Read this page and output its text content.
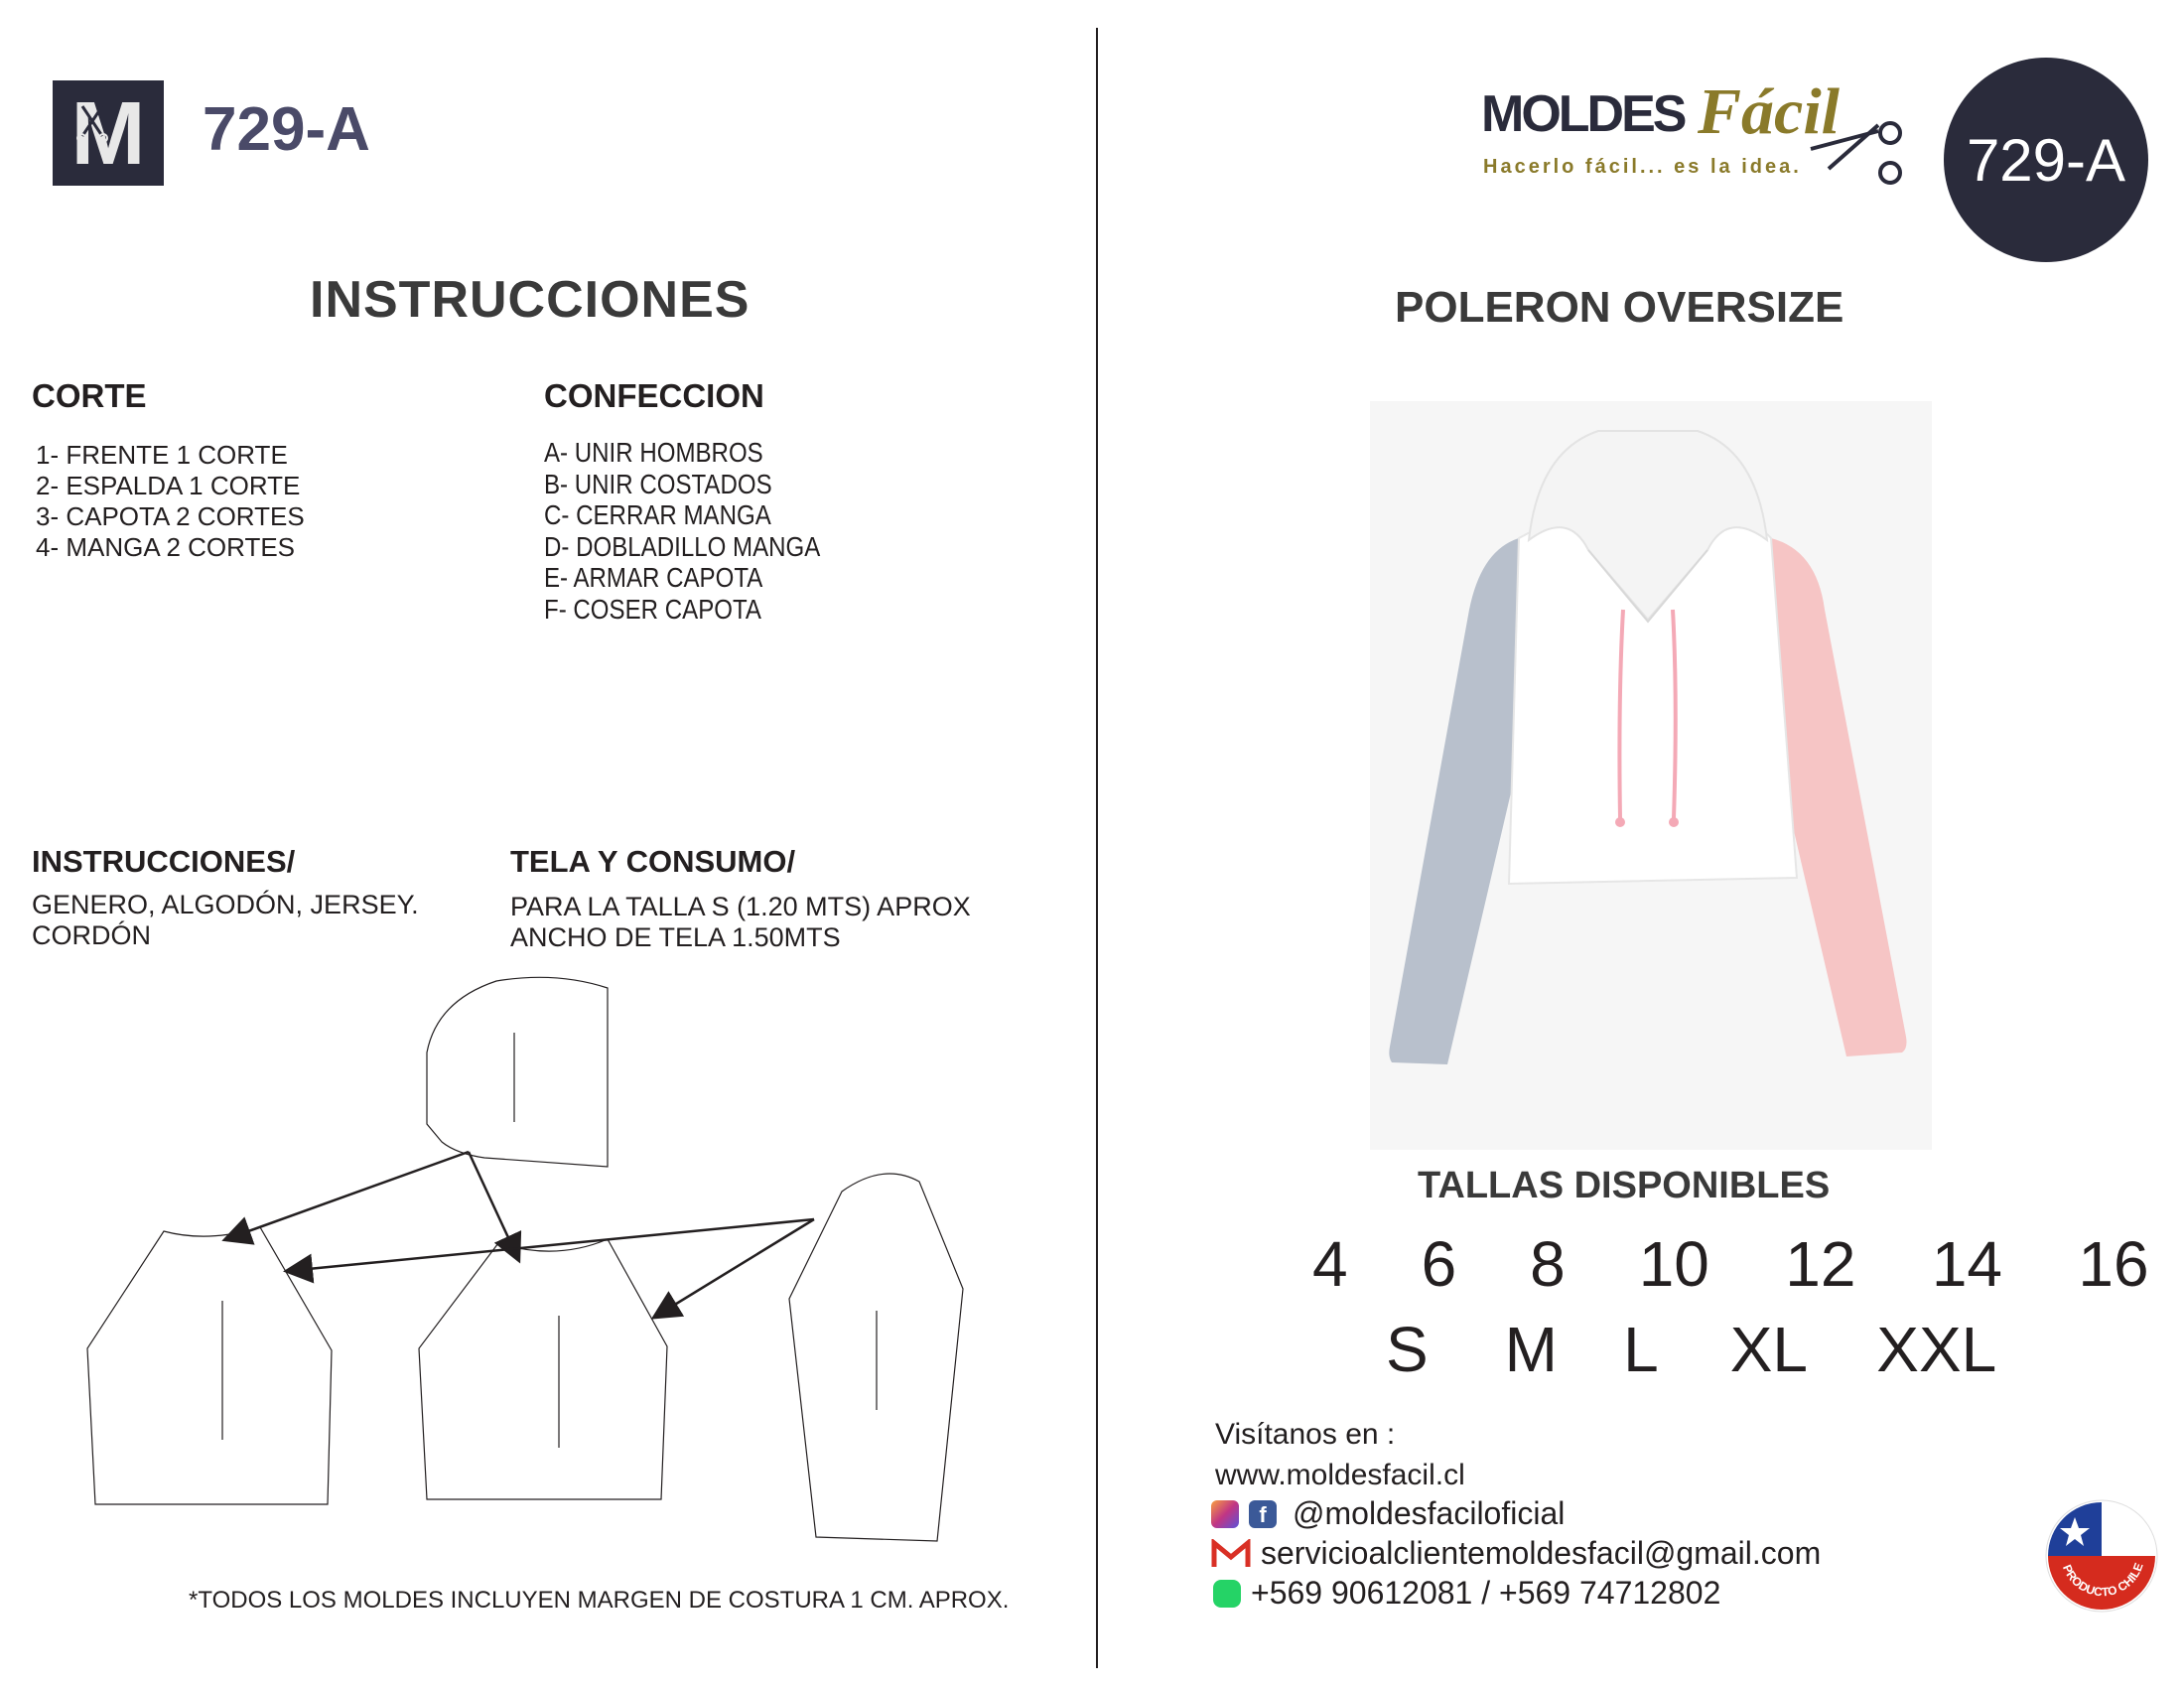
M 729-A
INSTRUCCIONES
CORTE
1- FRENTE 1 CORTE
2- ESPALDA 1 CORTE
3- CAPOTA 2 CORTES
4- MANGA 2 CORTES
CONFECCION
A- UNIR HOMBROS
B- UNIR COSTADOS
C- CERRAR MANGA
D- DOBLADILLO MANGA
E- ARMAR CAPOTA
F- COSER CAPOTA
INSTRUCCIONES/
GENERO, ALGODÓN, JERSEY.
CORDÓN
TELA Y CONSUMO/
PARA LA TALLA S (1.20 MTS) APROX
ANCHO DE TELA 1.50MTS
*TODOS LOS MOLDES INCLUYEN MARGEN DE COSTURA 1 CM. APROX.
MOLDES Fácil
Hacerlo fácil... es la idea.	729-A
POLERON OVERSIZE
TALLAS DISPONIBLES
4 6 8 10 12 14 16
S M L XL XXL
Visítanos en :
www.moldesfacil.cl
f @moldesfaciloficial
servicioalclientemoldesfacil@gmail.com
+569 90612081 / +569 74712802
PRODUCTO CHILE
